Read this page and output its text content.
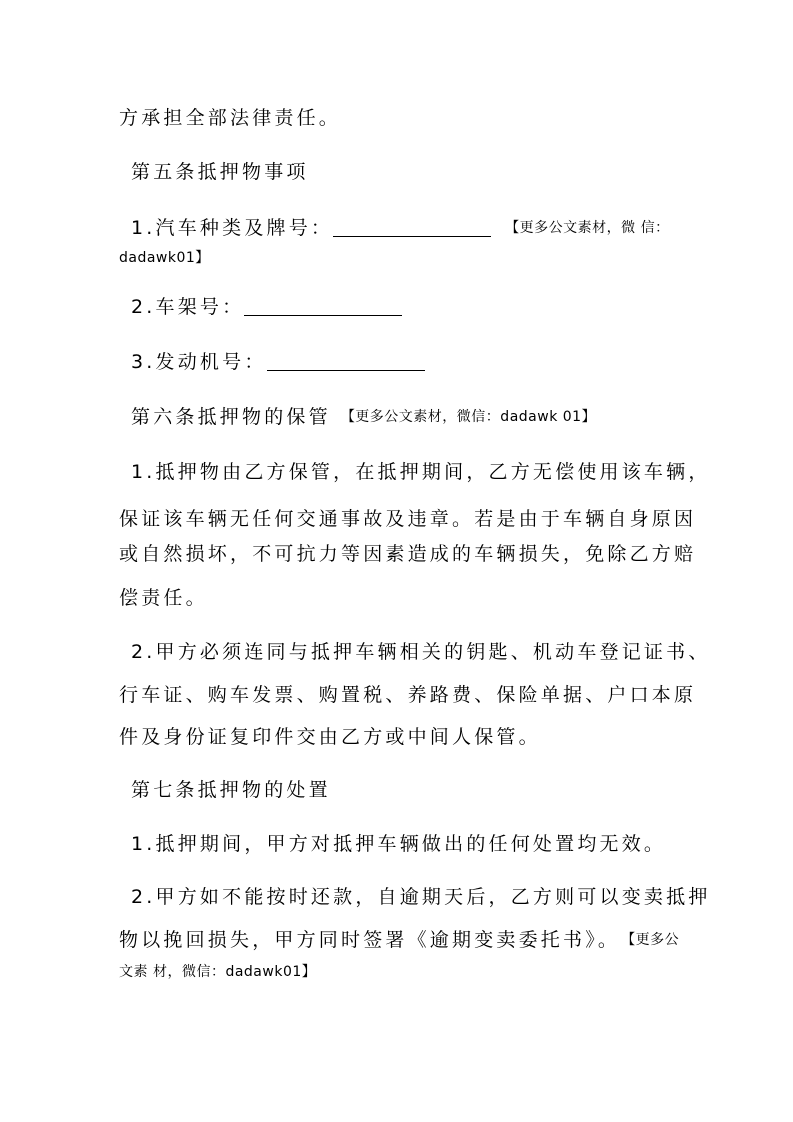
方承担全部法律责任。
第五条抵押物事项
1.汽车种类及牌号：	【更多公文素材，微 信：
dadawk01】
2.车架号：
3.发动机号：
第六条抵押物的保管 【更多公文素材，微信：dadawk 01】
1.抵押物由乙方保管，在抵押期间，乙方无偿使用该车辆，
保证该车辆无任何交通事故及违章。若是由于车辆自身原因
或自然损坏，不可抗力等因素造成的车辆损失，免除乙方赔
偿责任。
2.甲方必须连同与抵押车辆相关的钥匙、机动车登记证书、
行车证、购车发票、购置税、养路费、保险单据、户口本原
件及身份证复印件交由乙方或中间人保管。
第七条抵押物的处置
1.抵押期间，甲方对抵押车辆做出的任何处置均无效。
2.甲方如不能按时还款，自逾期天后，乙方则可以变卖抵押
物以挽回损失，甲方同时签署《逾期变卖委托书》。 【更多公
文素 材，微信：dadawk01】
